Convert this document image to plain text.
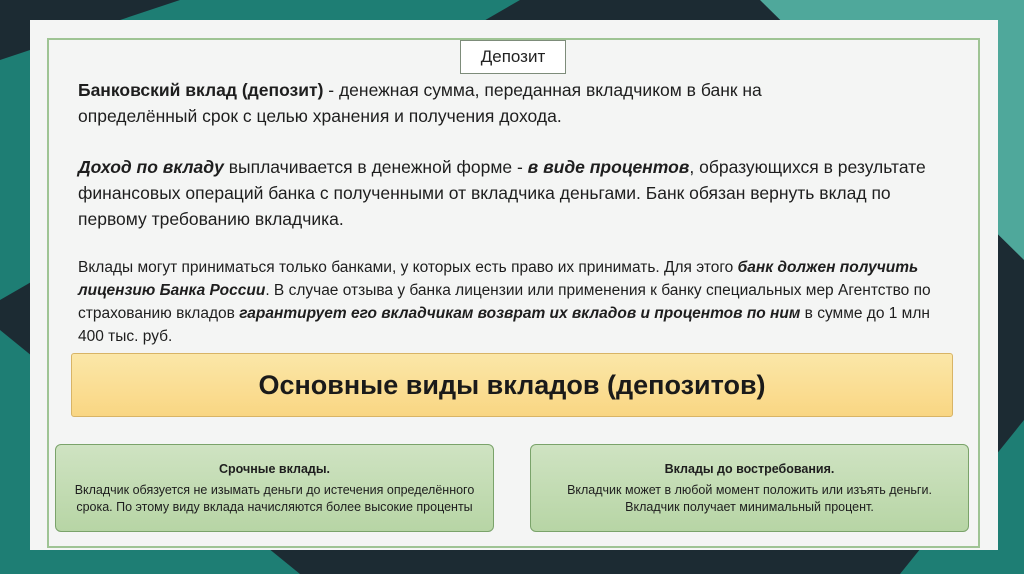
Депозит

Банковский вклад (депозит) - денежная сумма, переданная вкладчиком в банк на определённый срок с целью хранения и получения дохода.

Доход по вкладу выплачивается в денежной форме - в виде процентов, образующихся в результате финансовых операций банка с полученными от вкладчика деньгами. Банк обязан вернуть вклад по первому требованию вкладчика.

Вклады могут приниматься только банками, у которых есть право их принимать. Для этого банк должен получить лицензию Банка России. В случае отзыва у банка лицензии или применения к банку специальных мер Агентство по страхованию вкладов гарантирует его вкладчикам возврат их вкладов и процентов по ним в сумме до 1 млн 400 тыс. руб.

Основные виды вкладов (депозитов)
Срочные вклады.
Вкладчик обязуется не изымать деньги до истечения определённого срока. По этому виду вклада начисляются более высокие проценты
Вклады до востребования.
Вкладчик может в любой момент положить или изъять деньги. Вкладчик получает минимальный процент.
